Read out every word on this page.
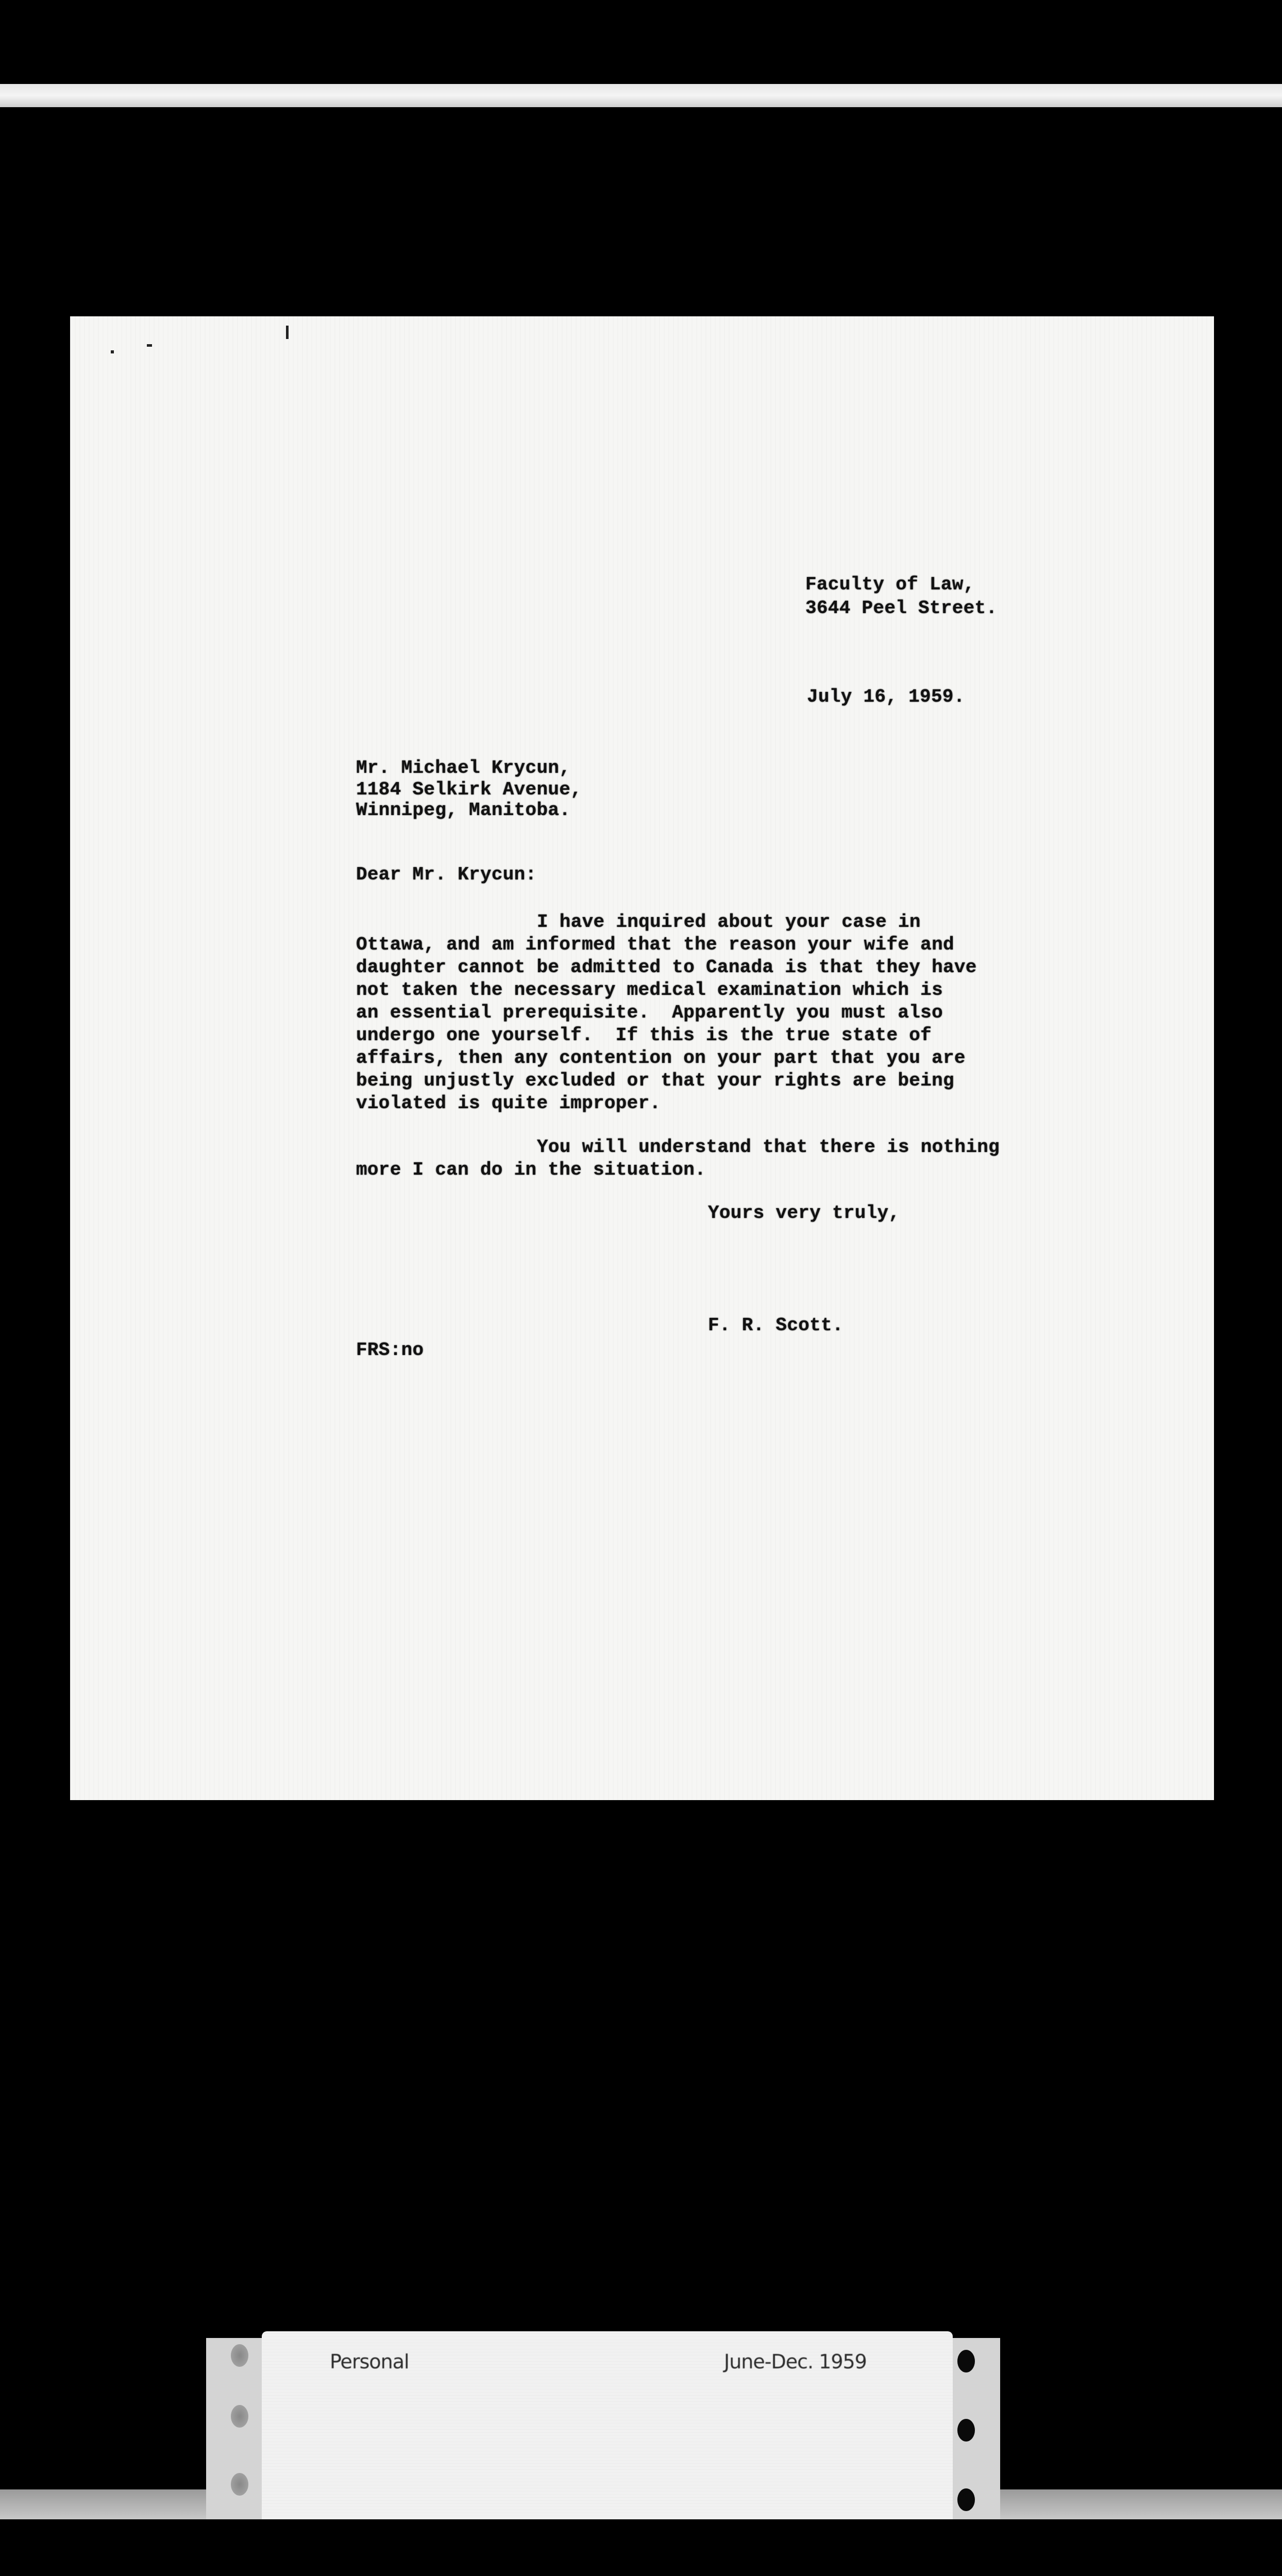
Faculty of Law,
3644 Peel Street.
July 16, 1959.
Mr. Michael Krycun,
1184 Selkirk Avenue,
Winnipeg, Manitoba.
Dear Mr. Krycun:
I have inquired about your case in
Ottawa, and am informed that the reason your wife and
daughter cannot be admitted to Canada is that they have
not taken the necessary medical examination which is
an essential prerequisite.  Apparently you must also
undergo one yourself.  If this is the true state of
affairs, then any contention on your part that you are
being unjustly excluded or that your rights are being
violated is quite improper.
You will understand that there is nothing
more I can do in the situation.
Yours very truly,
F. R. Scott.
FRS:no
Personal	June-Dec. 1959
